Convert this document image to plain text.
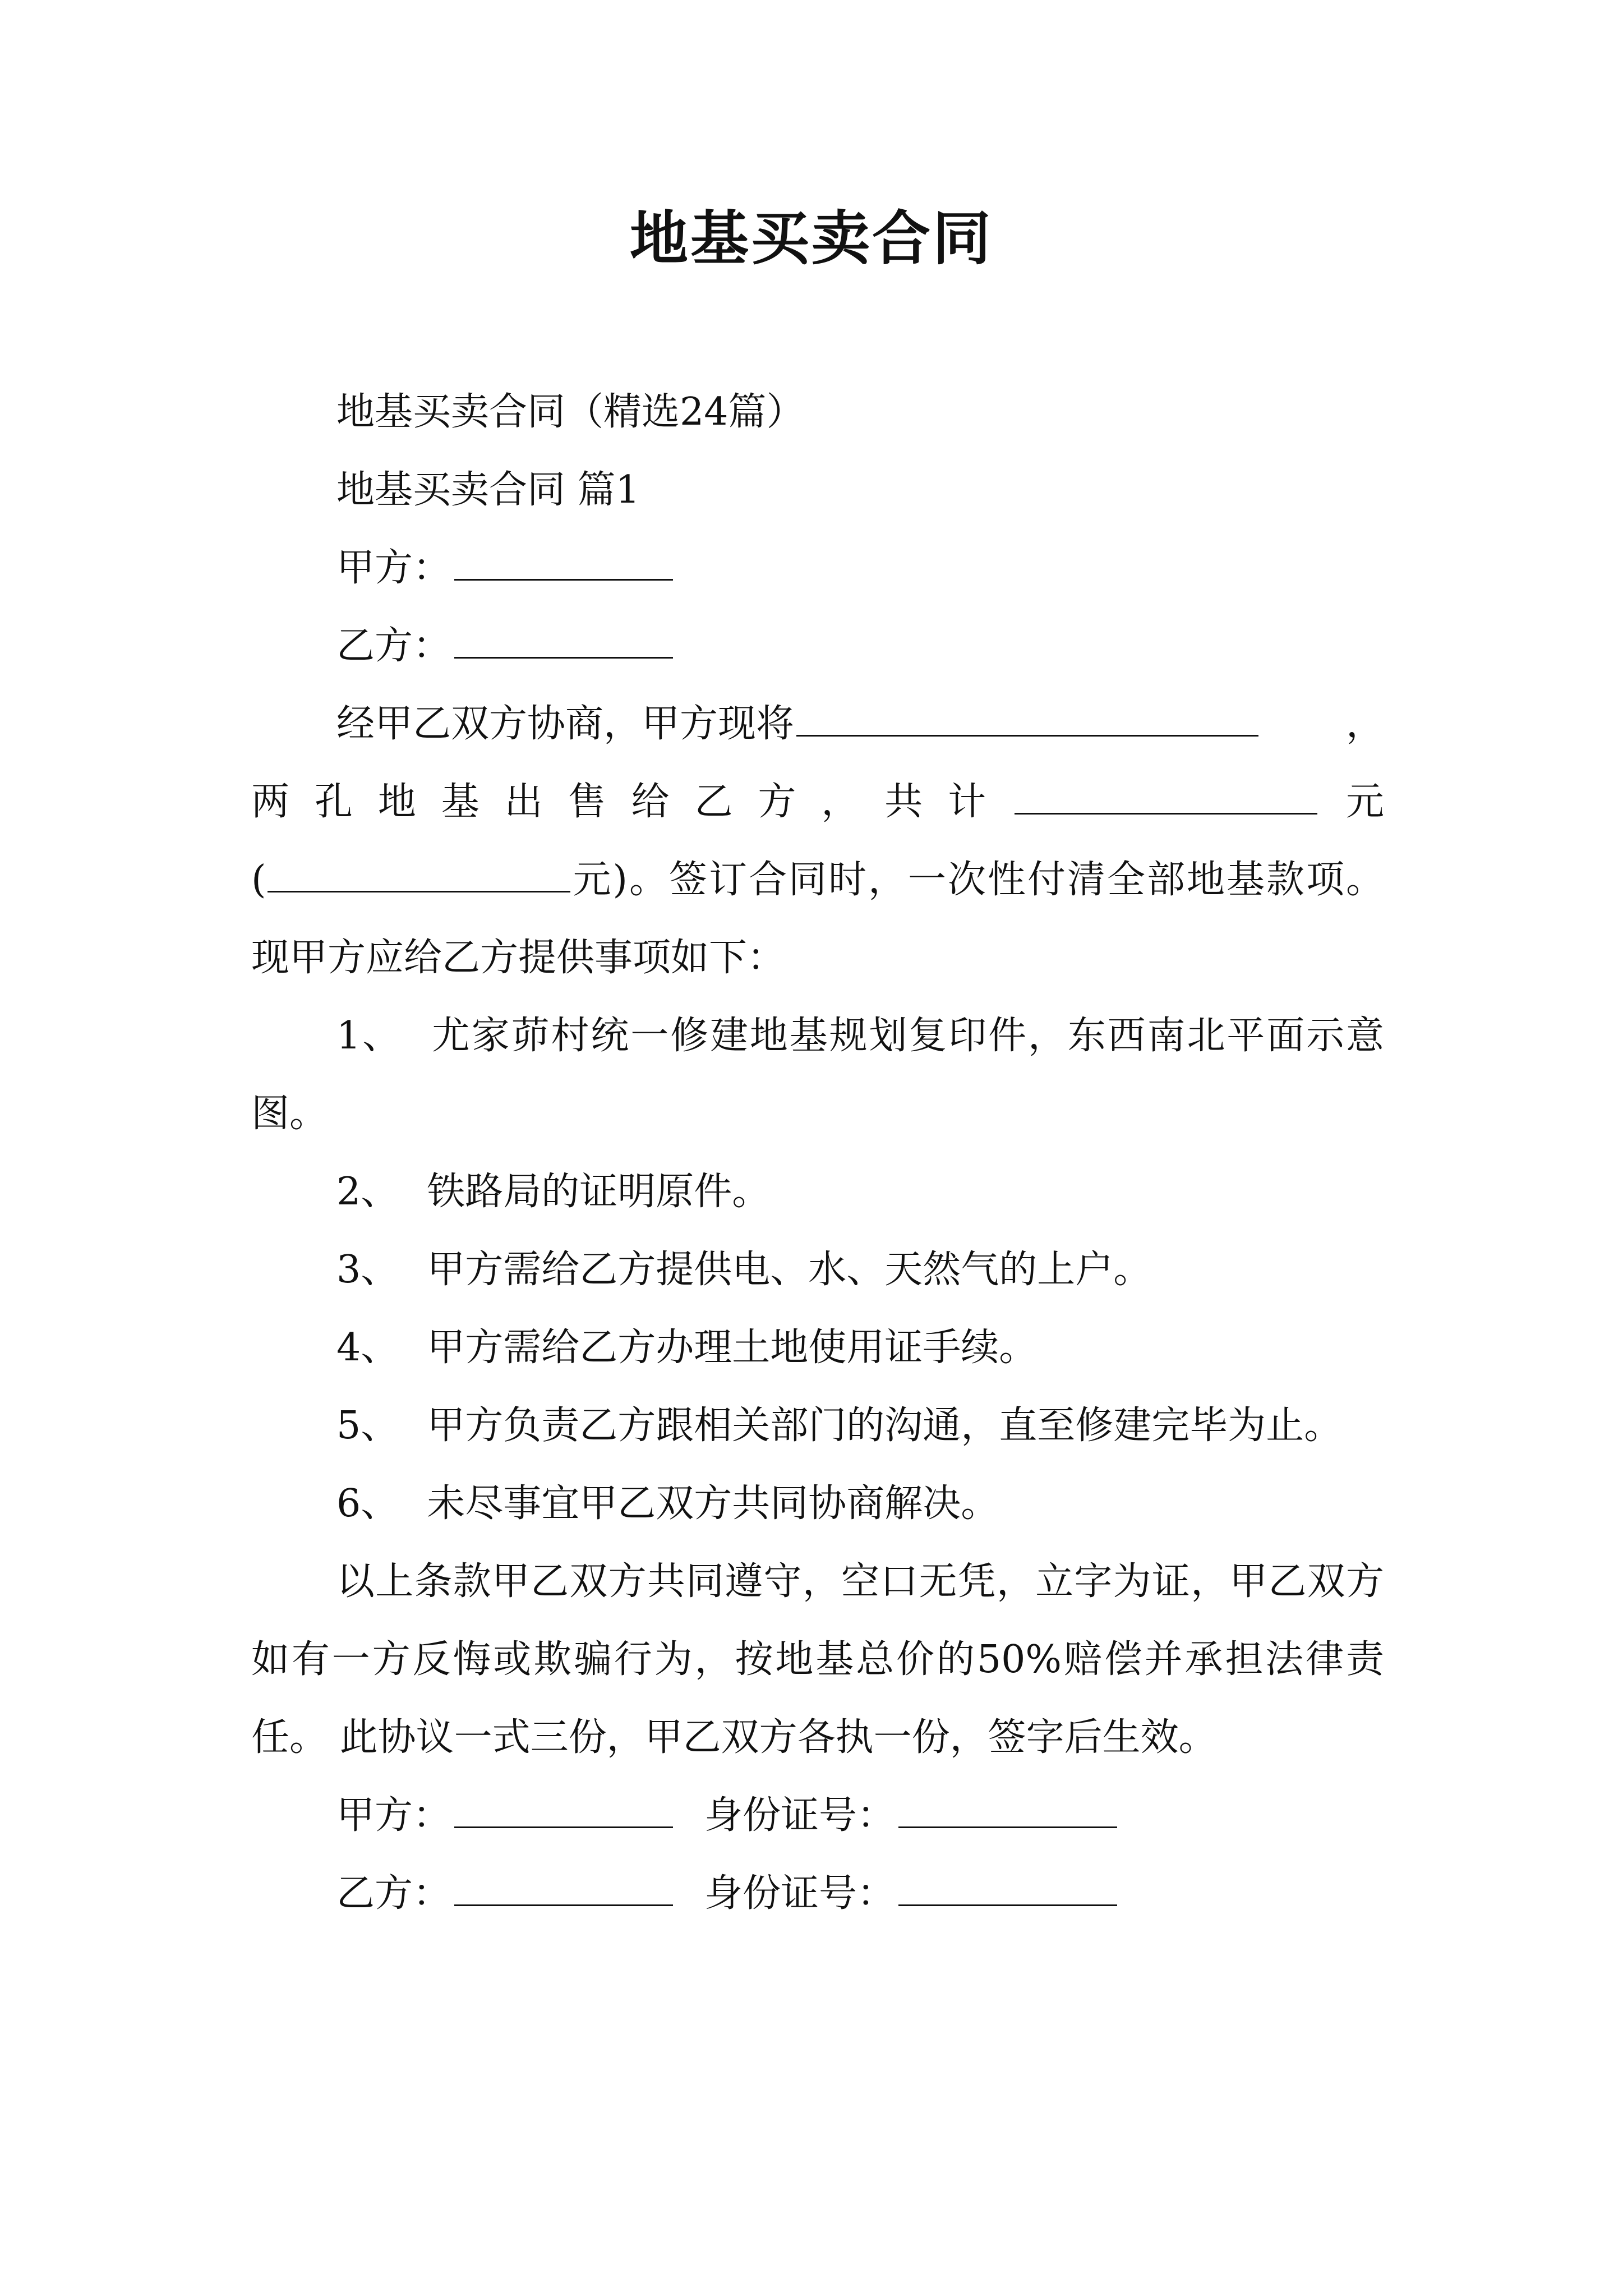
地基买卖合同

地基买卖合同（精选24篇）

地基买卖合同 篇1

甲方：

乙方：

经甲乙双方协商，甲方现将	，

两 孔 地 基 出 售 给 乙 方 ， 共 计	元

(	元)。签订合同时，一次性付清全部地基款项。现甲方应给乙方提供事项如下：

1、 尤家茆村统一修建地基规划复印件，东西南北平面示意图。

2、 铁路局的证明原件。

3、 甲方需给乙方提供电、水、天然气的上户。

4、 甲方需给乙方办理土地使用证手续。

5、 甲方负责乙方跟相关部门的沟通，直至修建完毕为止。

6、 未尽事宜甲乙双方共同协商解决。

以上条款甲乙双方共同遵守，空口无凭，立字为证，甲乙双方如有一方反悔或欺骗行为，按地基总价的50%赔偿并承担法律责任。 此协议一式三份，甲乙双方各执一份，签字后生效。

甲方：	身份证号：

乙方：	身份证号：
